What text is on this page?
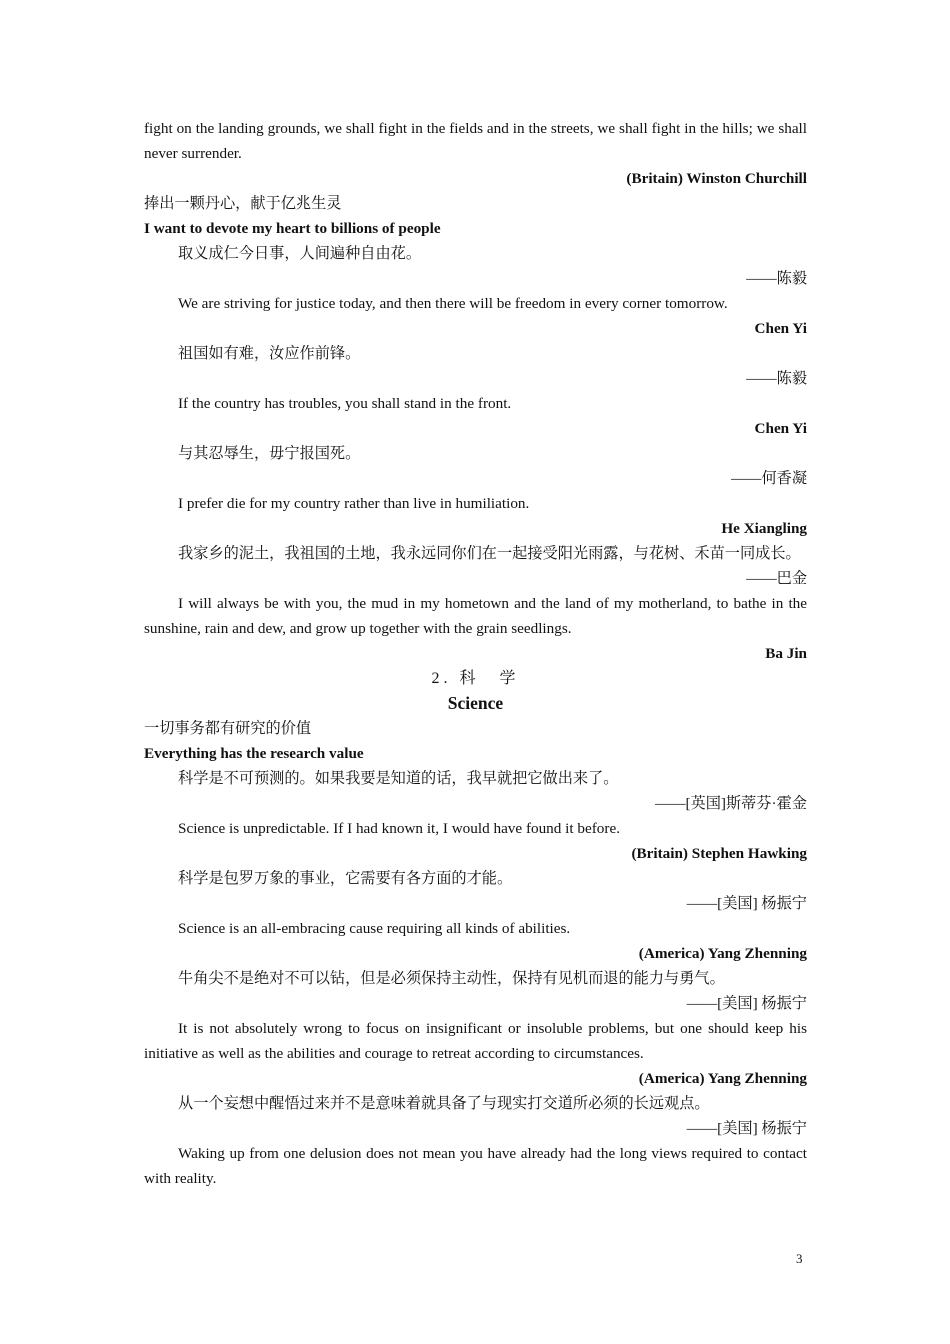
fight on the landing grounds, we shall fight in the fields and in the streets, we shall fight in the hills; we shall never surrender.
(Britain) Winston Churchill
捧出一颗丹心，献于亿兆生灵
I want to devote my heart to billions of people
取义成仁今日事，人间遍种自由花。
——陈毅
We are striving for justice today, and then there will be freedom in every corner tomorrow.
Chen Yi
祖国如有难，汝应作前锋。
——陈毅
If the country has troubles, you shall stand in the front.
Chen Yi
与其忍辱生，毋宁报国死。
——何香凝
I prefer die for my country rather than live in humiliation.
He Xiangling
我家乡的泥土，我祖国的土地，我永远同你们在一起接受阳光雨露，与花树、禾苗一同成长。
——巴金
I will always be with you, the mud in my hometown and the land of my motherland, to bathe in the sunshine, rain and dew, and grow up together with the grain seedlings.
Ba Jin
2. 科　学
Science
一切事务都有研究的价值
Everything has the research value
科学是不可预测的。如果我要是知道的话，我早就把它做出来了。
——[英国]斯蒂芬·霍金
Science is unpredictable. If I had known it, I would have found it before.
(Britain) Stephen Hawking
科学是包罗万象的事业，它需要有各方面的才能。
——[美国] 杨振宁
Science is an all-embracing cause requiring all kinds of abilities.
(America) Yang Zhenning
牛角尖不是绝对不可以钻，但是必须保持主动性，保持有见机而退的能力与勇气。
——[美国] 杨振宁
It is not absolutely wrong to focus on insignificant or insoluble problems, but one should keep his initiative as well as the abilities and courage to retreat according to circumstances.
(America) Yang Zhenning
从一个妄想中醒悟过来并不是意味着就具备了与现实打交道所必须的长远观点。
——[美国] 杨振宁
Waking up from one delusion does not mean you have already had the long views required to contact with reality.
3
